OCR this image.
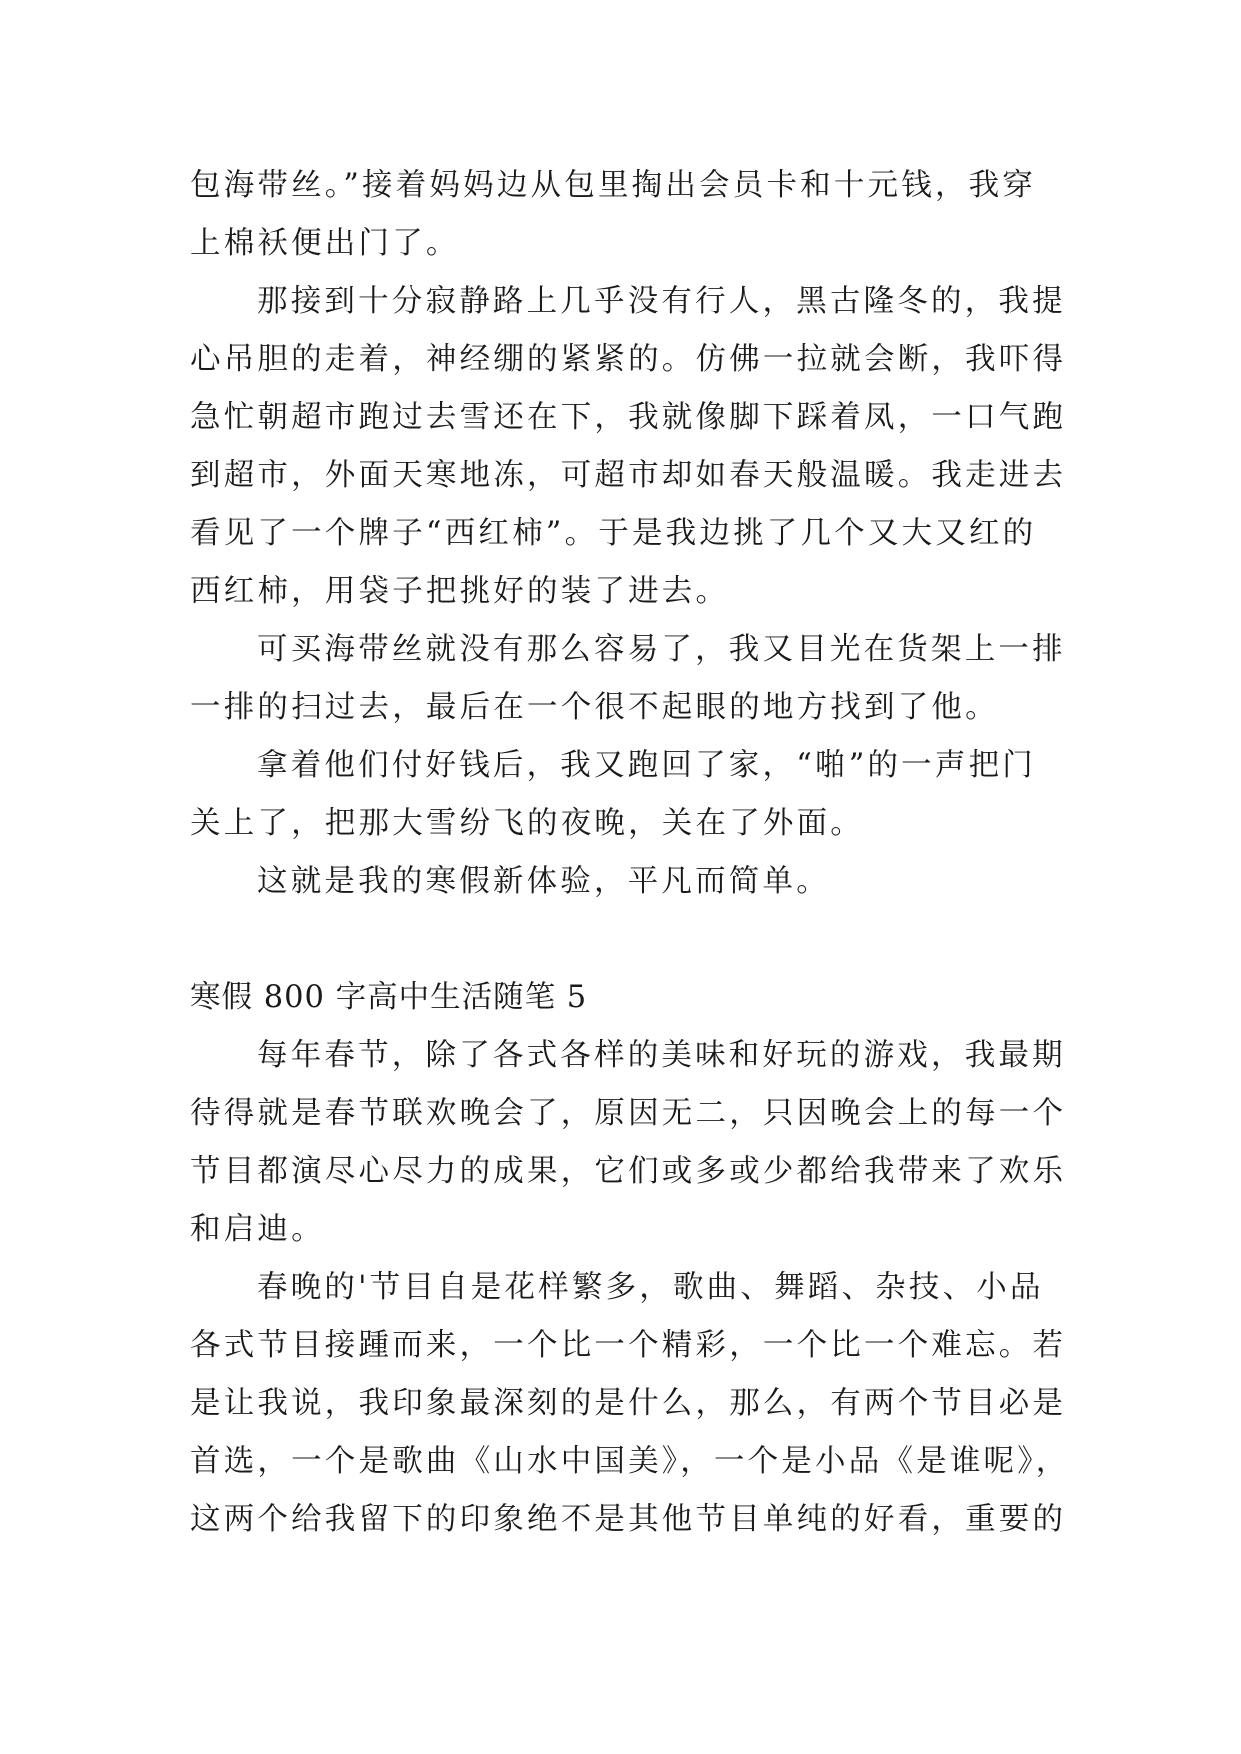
包海带丝。”接着妈妈边从包里掏出会员卡和十元钱，我穿
上棉袄便出门了。

那接到十分寂静路上几乎没有行人，黑古隆冬的，我提
心吊胆的走着，神经绷的紧紧的。仿佛一拉就会断，我吓得
急忙朝超市跑过去雪还在下，我就像脚下踩着凤，一口气跑
到超市，外面天寒地冻，可超市却如春天般温暖。我走进去
看见了一个牌子“西红柿”。于是我边挑了几个又大又红的
西红柿，用袋子把挑好的装了进去。

可买海带丝就没有那么容易了，我又目光在货架上一排
一排的扫过去，最后在一个很不起眼的地方找到了他。

拿着他们付好钱后，我又跑回了家，“啪”的一声把门
关上了，把那大雪纷飞的夜晚，关在了外面。

这就是我的寒假新体验，平凡而简单。

寒假 800 字高中生活随笔 5

每年春节，除了各式各样的美味和好玩的游戏，我最期
待得就是春节联欢晚会了，原因无二，只因晚会上的每一个
节目都演尽心尽力的成果，它们或多或少都给我带来了欢乐
和启迪。

春晚的'节目自是花样繁多，歌曲、舞蹈、杂技、小品
各式节目接踵而来，一个比一个精彩，一个比一个难忘。若
是让我说，我印象最深刻的是什么，那么，有两个节目必是
首选，一个是歌曲《山水中国美》，一个是小品《是谁呢》，
这两个给我留下的印象绝不是其他节目单纯的好看，重要的
